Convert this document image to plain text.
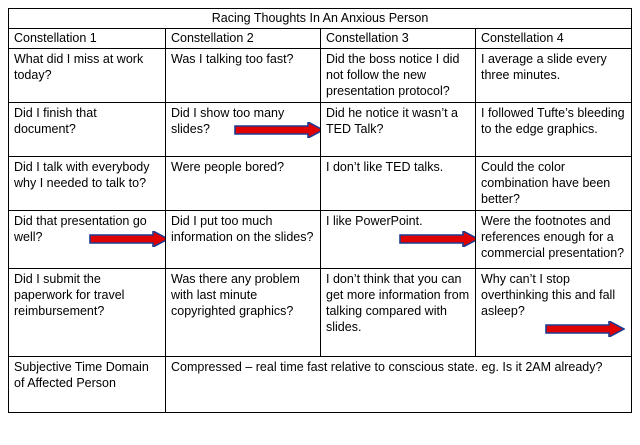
Racing Thoughts In An Anxious Person			
Constellation 1	Constellation 2	Constellation 3	Constellation 4
What did I miss at work today?	Was I talking too fast?	Did the boss notice I did not follow the new presentation protocol?	I average a slide every three minutes.
Did I finish that document?	Did I show too many slides?	Did he notice it wasn’t a TED Talk?	I followed Tufte’s bleeding to the edge graphics.
Did I talk with everybody why I needed to talk to?	Were people bored?	I don’t like TED talks.	Could the color combination have been better?
Did that presentation go well?	Did I put too much information on the slides?	I like PowerPoint.	Were the footnotes and references enough for a commercial presentation?
Did I submit the paperwork for travel reimbursement?	Was there any problem with last minute copyrighted graphics?	I don’t think that you can get more information from talking compared with slides.	Why can’t I stop overthinking this and fall asleep?

Subjective Time Domain of Affected Person	Compressed – real time fast relative to conscious state. eg. Is it 2AM already?		
